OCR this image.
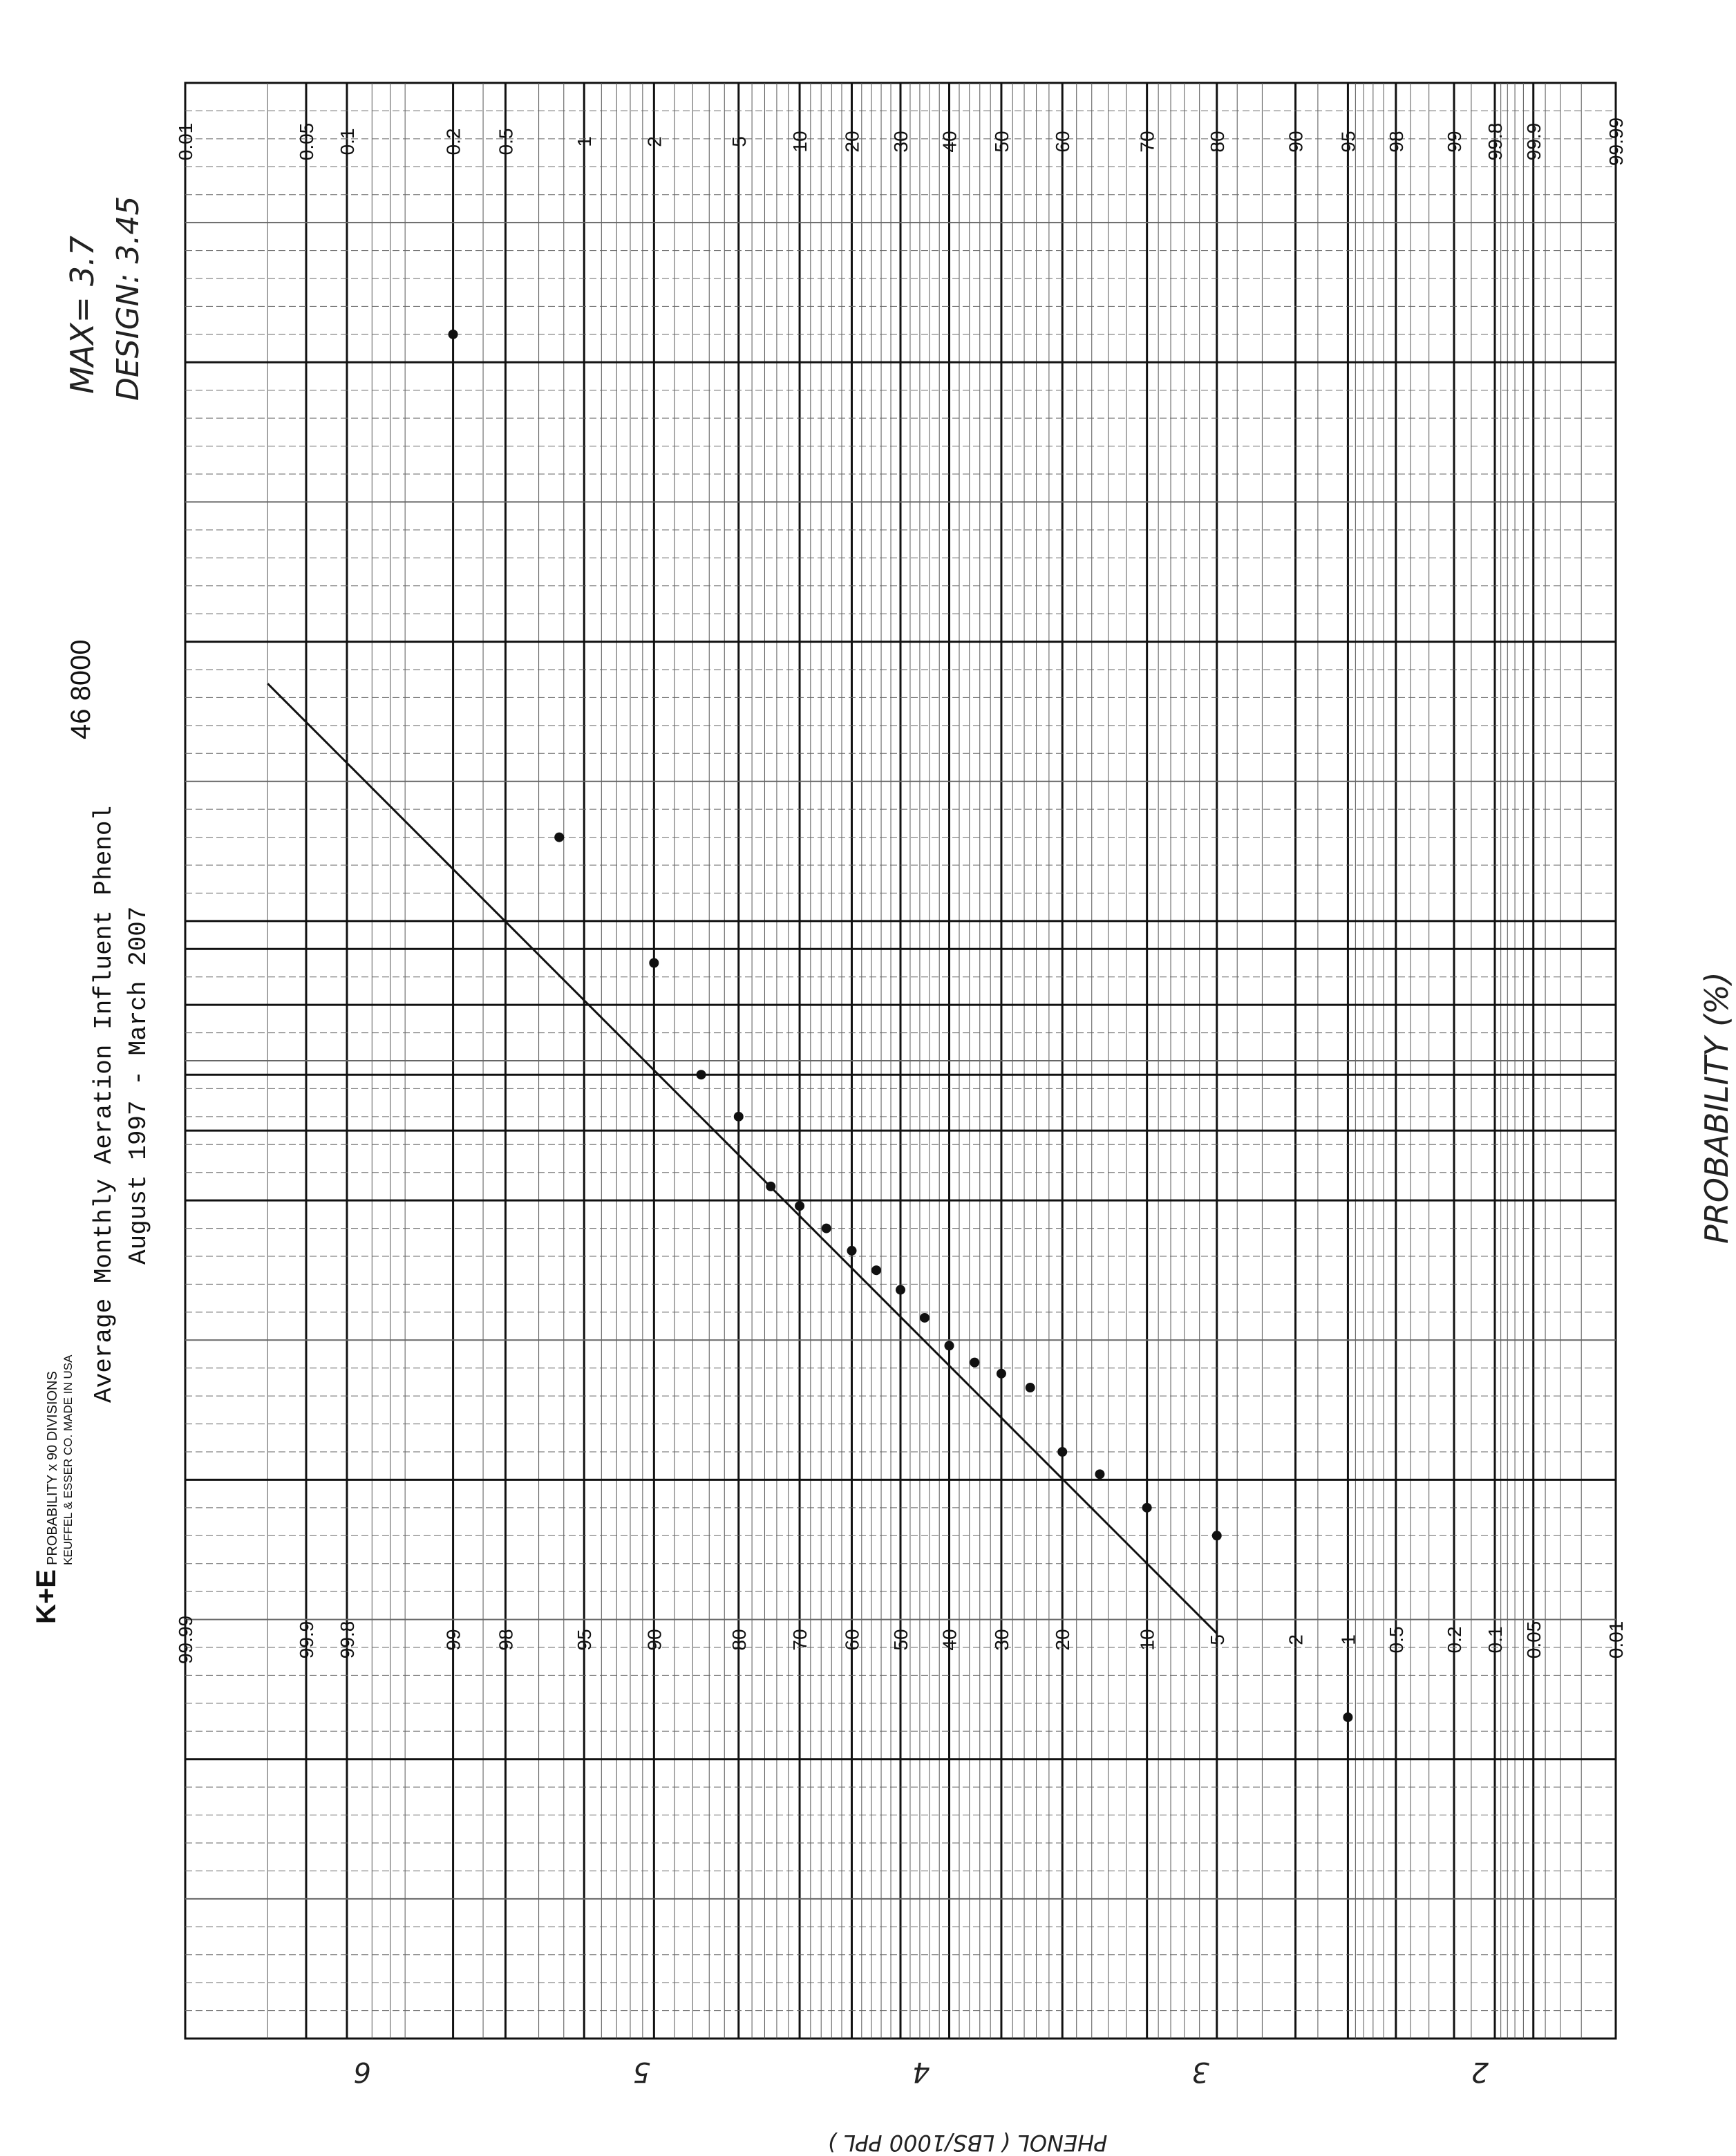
0.01	0.05 0.1	0.2 0.5	1	2	5 10 20 30 40 50 60	70	80	90 95 98 99 99.8 99.9	99.99
99.99	99.9 99.8	99 98	95	90	80 70 60 50 40 30 20	10	5	2 1 0.5 0.2 0.1 0.05	0.01
6	5	4	3	2
K+E
PROBABILITY x 90 DIVISIONS KEUFFEL & ESSER CO. MADE IN USA
Average Monthly Aeration Influent Phenol August 1997 - March 2007
46 8000
MAX= 3.7 DESIGN: 3.45
PROBABILITY (%)
PHENOL ( LBS/1000 PPL )
